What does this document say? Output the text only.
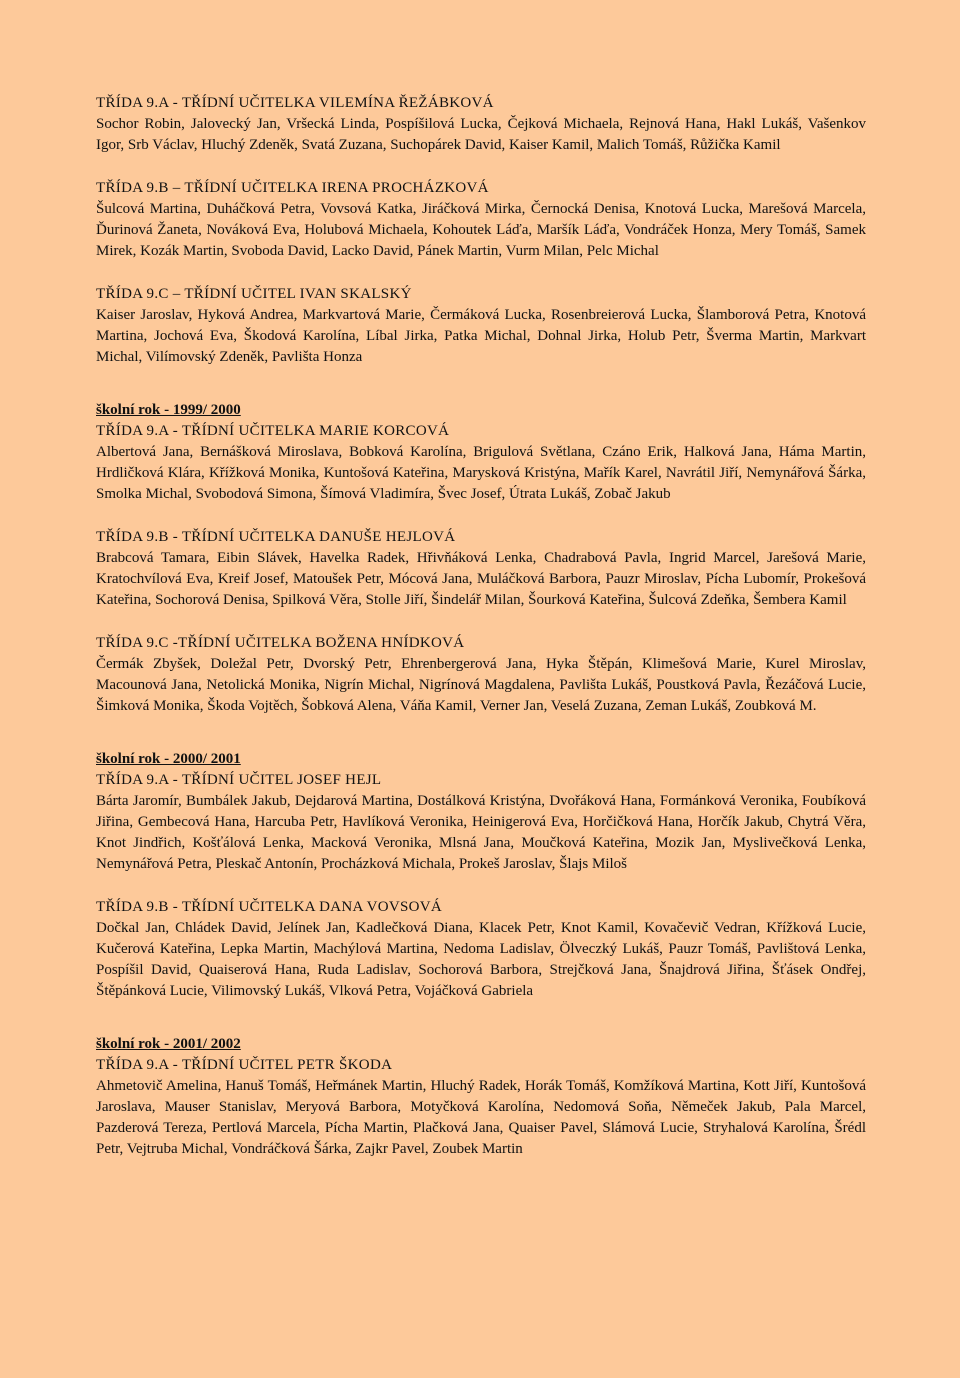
TŘÍDA 9.A - TŘÍDNÍ UČITELKA VILEMÍNA ŘEŽÁBKOVÁ

Sochor Robin, Jalovecký Jan, Vršecká Linda, Pospíšilová Lucka, Čejková Michaela, Rejnová Hana, Hakl Lukáš, Vašenkov Igor, Srb Václav, Hluchý Zdeněk, Svatá Zuzana, Suchopárek David, Kaiser Kamil, Malich Tomáš, Růžička Kamil

TŘÍDA 9.B – TŘÍDNÍ UČITELKA IRENA PROCHÁZKOVÁ

Šulcová Martina, Duháčková Petra, Vovsová Katka, Jiráčková Mirka, Černocká Denisa, Knotová Lucka, Marešová Marcela, Ďurinová Žaneta, Nováková Eva, Holubová Michaela, Kohoutek Láďa, Maršík Láďa, Vondráček Honza, Mery Tomáš, Samek Mirek, Kozák Martin, Svoboda David, Lacko David, Pánek Martin, Vurm Milan, Pelc Michal

TŘÍDA 9.C – TŘÍDNÍ UČITEL IVAN SKALSKÝ

Kaiser Jaroslav, Hyková Andrea, Markvartová Marie, Čermáková Lucka, Rosenbreierová Lucka, Šlamborová Petra, Knotová Martina, Jochová Eva, Škodová Karolína, Líbal Jirka, Patka Michal, Dohnal Jirka, Holub Petr, Šverma Martin, Markvart Michal, Vilímovský Zdeněk, Pavlišta Honza

školní rok - 1999/ 2000

TŘÍDA 9.A - TŘÍDNÍ UČITELKA MARIE KORCOVÁ

Albertová Jana, Bernášková Miroslava, Bobková Karolína, Brigulová Světlana, Czáno Erik, Halková Jana, Háma Martin, Hrdličková Klára, Křížková Monika, Kuntošová Kateřina, Marysková Kristýna, Mařík Karel, Navrátil Jiří, Nemynářová Šárka, Smolka Michal, Svobodová Simona, Šímová Vladimíra, Švec Josef, Útrata Lukáš, Zobač Jakub

TŘÍDA 9.B - TŘÍDNÍ UČITELKA DANUŠE HEJLOVÁ

Brabcová Tamara, Eibin Slávek, Havelka Radek, Hřivňáková Lenka, Chadrabová Pavla, Ingrid Marcel, Jarešová Marie, Kratochvílová Eva, Kreif Josef, Matoušek Petr, Mócová Jana, Muláčková Barbora, Pauzr Miroslav, Pícha Lubomír, Prokešová Kateřina, Sochorová Denisa, Spilková Věra, Stolle Jiří, Šindelář Milan, Šourková Kateřina, Šulcová Zdeňka, Šembera Kamil

TŘÍDA 9.C -TŘÍDNÍ UČITELKA BOŽENA HNÍDKOVÁ

Čermák Zbyšek, Doležal Petr, Dvorský Petr, Ehrenbergerová Jana, Hyka Štěpán, Klimešová Marie, Kurel Miroslav, Macounová Jana, Netolická Monika, Nigrín Michal, Nigrínová Magdalena, Pavlišta Lukáš, Poustková Pavla, Řezáčová Lucie, Šimková Monika, Škoda Vojtěch, Šobková Alena, Váňa Kamil, Verner Jan, Veselá Zuzana, Zeman Lukáš, Zoubková M.

školní rok - 2000/ 2001

TŘÍDA 9.A - TŘÍDNÍ UČITEL JOSEF HEJL

Bárta Jaromír, Bumbálek Jakub, Dejdarová Martina, Dostálková Kristýna, Dvořáková Hana, Formánková Veronika, Foubíková Jiřina, Gembecová Hana, Harcuba Petr, Havlíková Veronika, Heinigerová Eva, Horčičková Hana, Horčík Jakub, Chytrá Věra, Knot Jindřich, Košťálová Lenka, Macková Veronika, Mlsná Jana, Moučková Kateřina, Mozik Jan, Myslivečková Lenka, Nemynářová Petra, Pleskač Antonín, Procházková Michala, Prokeš Jaroslav, Šlajs Miloš

TŘÍDA 9.B - TŘÍDNÍ UČITELKA DANA VOVSOVÁ

Dočkal Jan, Chládek David, Jelínek Jan, Kadlečková Diana, Klacek Petr, Knot Kamil, Kovačevič Vedran, Křížková Lucie, Kučerová Kateřina, Lepka Martin, Machýlová Martina, Nedoma Ladislav, Ölveczký Lukáš, Pauzr Tomáš, Pavlištová Lenka, Pospíšil David, Quaiserová Hana, Ruda Ladislav, Sochorová Barbora, Strejčková Jana, Šnajdrová Jiřina, Šťásek Ondřej, Štěpánková Lucie, Vilimovský Lukáš, Vlková Petra, Vojáčková Gabriela

školní rok - 2001/ 2002

TŘÍDA 9.A - TŘÍDNÍ UČITEL PETR ŠKODA

Ahmetovič Amelina, Hanuš Tomáš, Heřmánek Martin, Hluchý Radek, Horák Tomáš, Komžíková Martina, Kott Jiří, Kuntošová Jaroslava, Mauser Stanislav, Meryová Barbora, Motyčková Karolína, Nedomová Soňa, Němeček Jakub, Pala Marcel, Pazderová Tereza, Pertlová Marcela, Pícha Martin, Plačková Jana, Quaiser Pavel, Slámová Lucie, Stryhalová Karolína, Šrédl Petr, Vejtruba Michal, Vondráčková Šárka, Zajkr Pavel, Zoubek Martin
